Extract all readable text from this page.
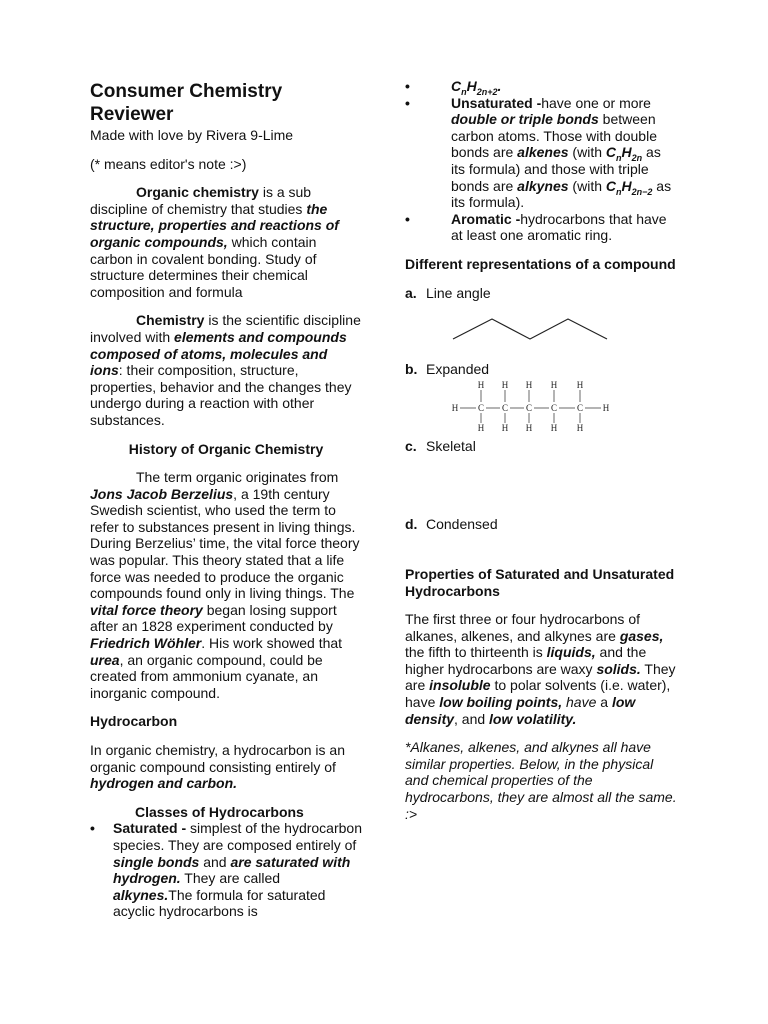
Consumer Chemistry Reviewer

Made with love by Rivera 9-Lime

(* means editor's note :>)

Organic chemistry is a sub discipline of chemistry that studies the structure, properties and reactions of organic compounds, which contain carbon in covalent bonding. Study of structure determines their chemical composition and formula

Chemistry is the scientific discipline involved with elements and compounds composed of atoms, molecules and ions: their composition, structure, properties, behavior and the changes they undergo during a reaction with other substances.

History of Organic Chemistry

The term organic originates from Jons Jacob Berzelius, a 19th century Swedish scientist, who used the term to refer to substances present in living things. During Berzelius’ time, the vital force theory was popular. This theory stated that a life force was needed to produce the organic compounds found only in living things. The vital force theory began losing support after an 1828 experiment conducted by Friedrich Wöhler. His work showed that urea, an organic compound, could be created from ammonium cyanate, an inorganic compound.

Hydrocarbon

In organic chemistry, a hydrocarbon is an organic compound consisting entirely of hydrogen and carbon.

Classes of Hydrocarbons

• Saturated - simplest of the hydrocarbon species. They are composed entirely of single bonds and are saturated with hydrogen. They are called alkynes.The formula for saturated acyclic hydrocarbons is
• $C_nH_{2n+2}$.
• Unsaturated -have one or more double or triple bonds between carbon atoms. Those with double bonds are alkenes (with $C_nH_{2n}$ as its formula) and those with triple bonds are alkynes (with $C_nH_{2n-2}$ as its formula).
• Aromatic -hydrocarbons that have at least one aromatic ring.

Different representations of a compound

a. Line angle

b. Expanded

H C
H
H
C
H
H
C
H
H
C
H
H
C
H
H
H

c. Skeletal

d. Condensed

Properties of Saturated and Unsaturated Hydrocarbons

The first three or four hydrocarbons of alkanes, alkenes, and alkynes are gases, the fifth to thirteenth is liquids, and the higher hydrocarbons are waxy solids. They are insoluble to polar solvents (i.e. water), have low boiling points, have a low density, and low volatility.

*Alkanes, alkenes, and alkynes all have similar properties. Below, in the physical and chemical properties of the hydrocarbons, they are almost all the same. :>
